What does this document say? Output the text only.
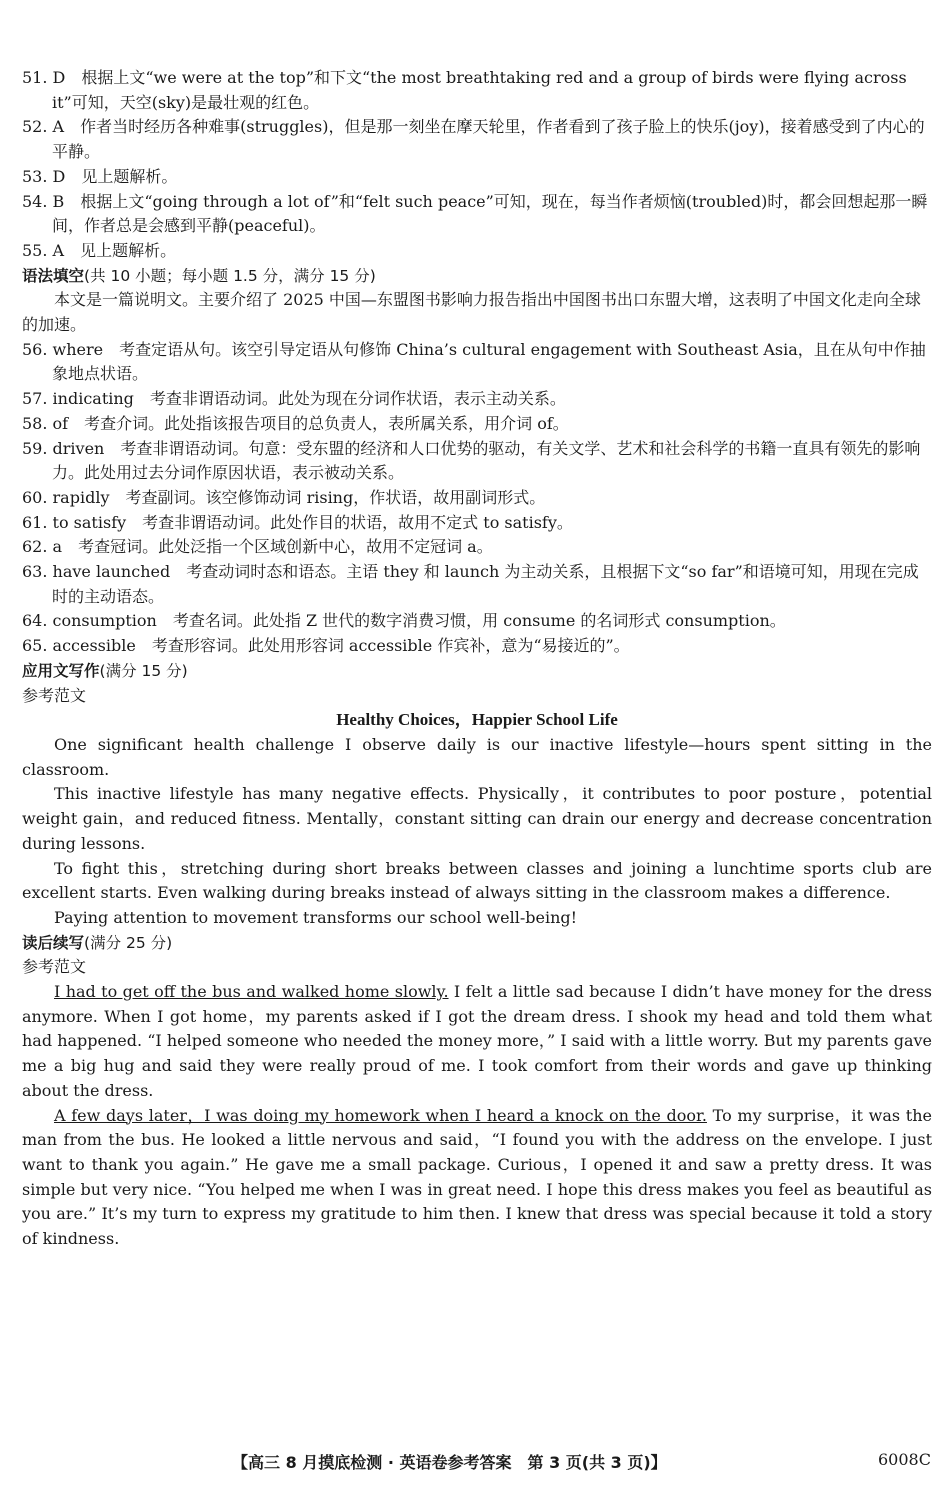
51. D　 根据上文“we were at the top”和下文“the most breathtaking red and a group of birds were flying across it”可知，天空(sky)是最壮观的红色。
52. A　 作者当时经历各种难事(struggles)，但是那一刻坐在摩天轮里，作者看到了孩子脸上的快乐(joy)，接着感受到了内心的平静。
53. D　 见上题解析。
54. B　 根据上文“going through a lot of”和“felt such peace”可知，现在，每当作者烦恼(troubled)时，都会回想起那一瞬间，作者总是会感到平静(peaceful)。
55. A　 见上题解析。
语法填空(共 10 小题；每小题 1.5 分，满分 15 分)
本文是一篇说明文。主要介绍了 2025 中国—东盟图书影响力报告指出中国图书出口东盟大增，这表明了中国文化走向全球的加速。
56. where　 考查定语从句。该空引导定语从句修饰 China’s cultural engagement with Southeast Asia，且在从句中作抽象地点状语。
57. indicating　 考查非谓语动词。此处为现在分词作状语，表示主动关系。
58. of　 考查介词。此处指该报告项目的总负责人，表所属关系，用介词 of。
59. driven　 考查非谓语动词。句意：受东盟的经济和人口优势的驱动，有关文学、艺术和社会科学的书籍一直具有领先的影响力。此处用过去分词作原因状语，表示被动关系。
60. rapidly　 考查副词。该空修饰动词 rising，作状语，故用副词形式。
61. to satisfy　 考查非谓语动词。此处作目的状语，故用不定式 to satisfy。
62. a　 考查冠词。此处泛指一个区域创新中心，故用不定冠词 a。
63. have launched　 考查动词时态和语态。主语 they 和 launch 为主动关系，且根据下文“so far”和语境可知，用现在完成时的主动语态。
64. consumption　 考查名词。此处指 Z 世代的数字消费习惯，用 consume 的名词形式 consumption。
65. accessible　 考查形容词。此处用形容词 accessible 作宾补，意为“易接近的”。
应用文写作(满分 15 分)
参考范文
Healthy Choices，Happier School Life
One significant health challenge I observe daily is our inactive lifestyle—hours spent sitting in the classroom.
This inactive lifestyle has many negative effects. Physically，it contributes to poor posture，potential weight gain，and reduced fitness. Mentally，constant sitting can drain our energy and decrease concentration during lessons.
To fight this，stretching during short breaks between classes and joining a lunchtime sports club are excellent starts. Even walking during breaks instead of always sitting in the classroom makes a difference.
Paying attention to movement transforms our school well-being!
读后续写(满分 25 分)
参考范文
I had to get off the bus and walked home slowly. I felt a little sad because I didn’t have money for the dress anymore. When I got home，my parents asked if I got the dream dress. I shook my head and told them what had happened. “I helped someone who needed the money more，” I said with a little worry. But my parents gave me a big hug and said they were really proud of me. I took comfort from their words and gave up thinking about the dress.
A few days later，I was doing my homework when I heard a knock on the door. To my surprise，it was the man from the bus. He looked a little nervous and said，“I found you with the address on the envelope. I just want to thank you again.” He gave me a small package. Curious，I opened it and saw a pretty dress. It was simple but very nice. “You helped me when I was in great need. I hope this dress makes you feel as beautiful as you are.” It’s my turn to express my gratitude to him then. I knew that dress was special because it told a story of kindness.
【高三 8 月摸底检测 · 英语卷参考答案　第 3 页(共 3 页)】	6008C
